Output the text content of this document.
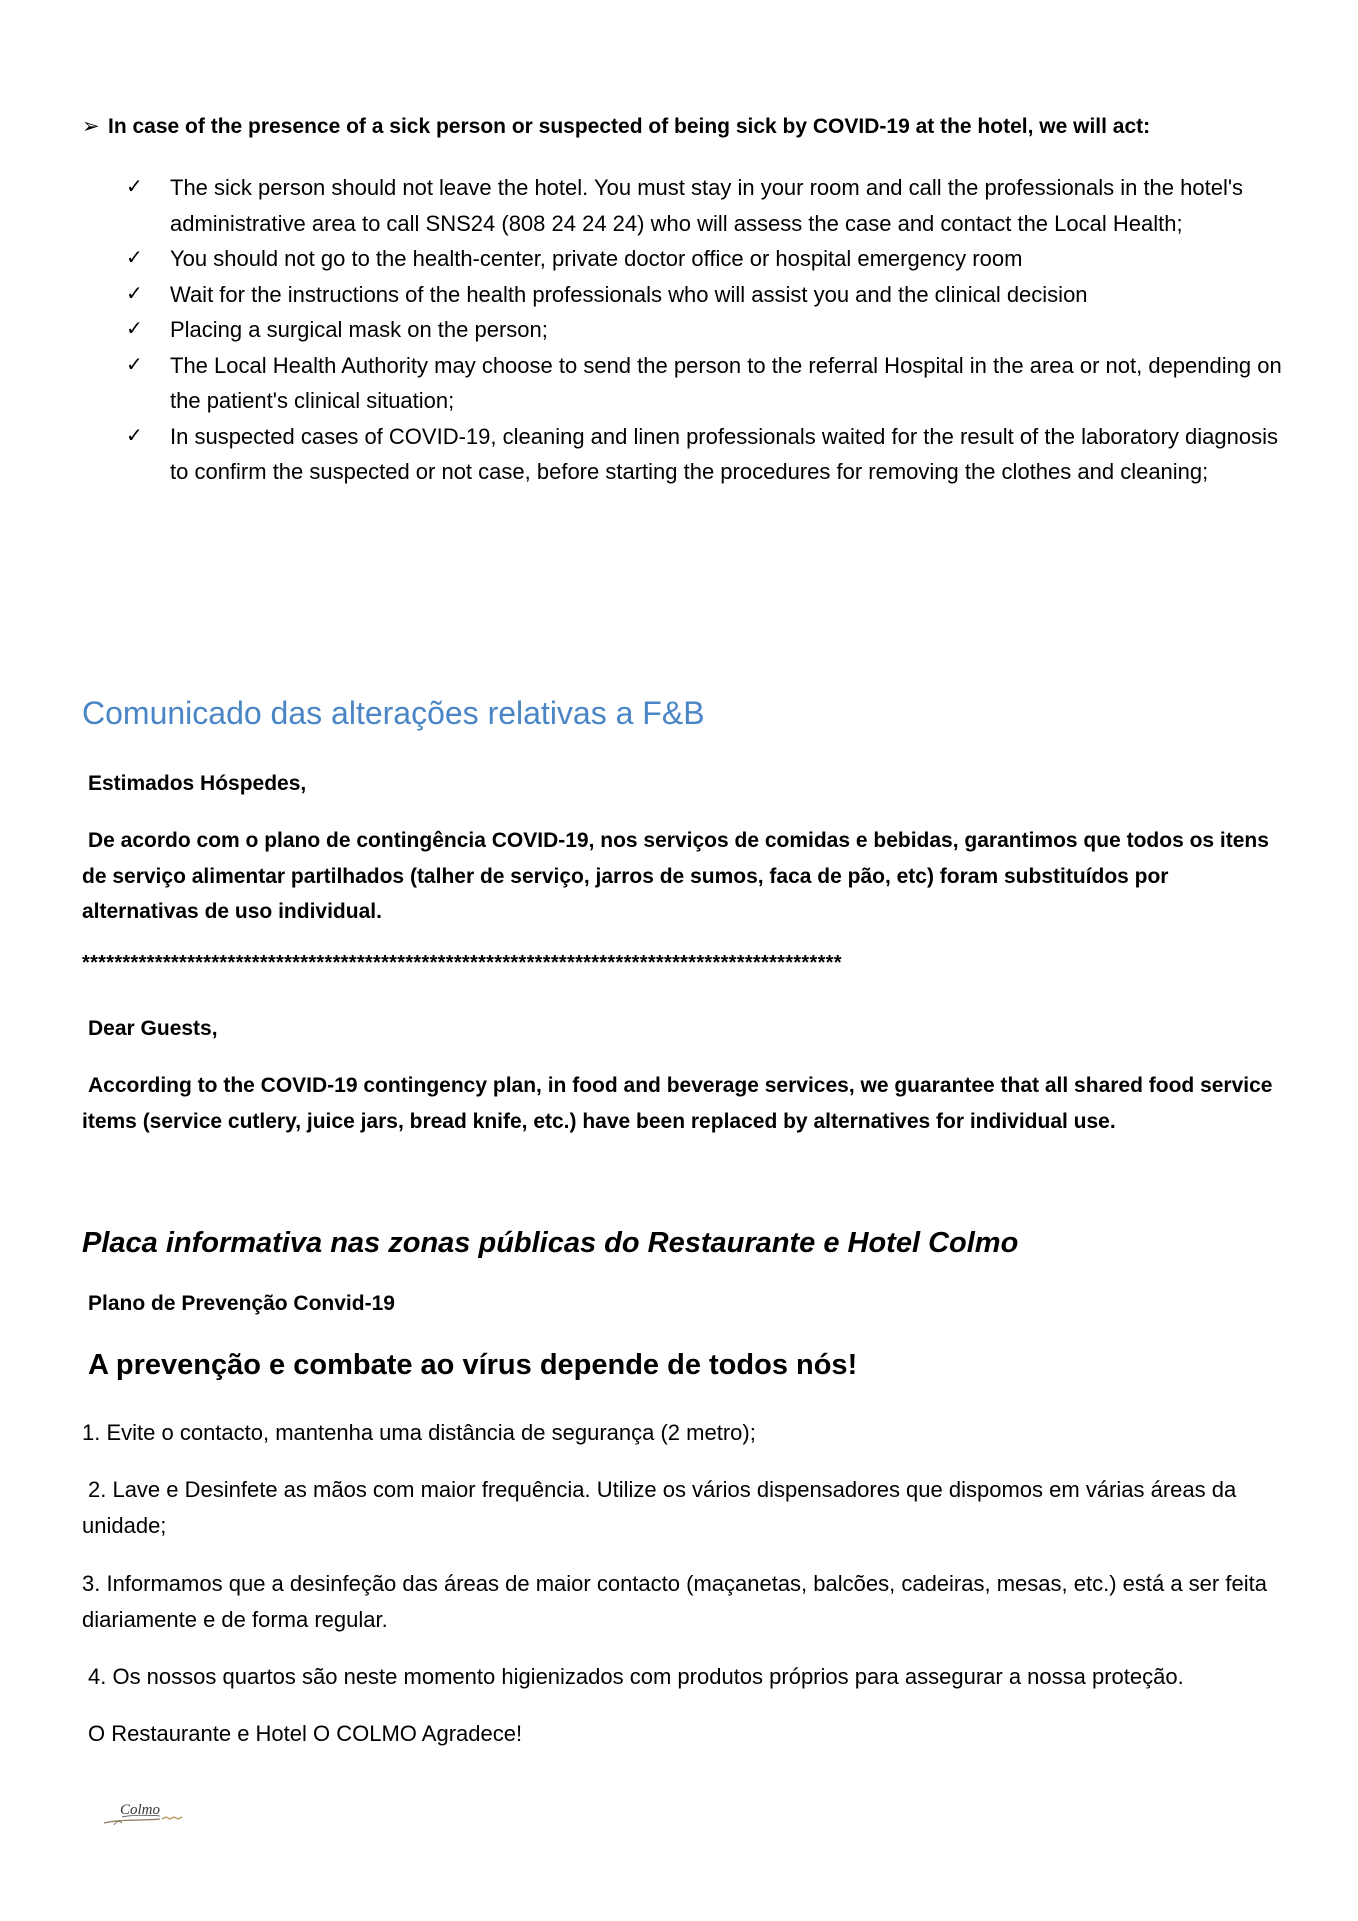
➢ In case of the presence of a sick person or suspected of being sick by COVID-19 at the hotel, we will act:
✓ The sick person should not leave the hotel. You must stay in your room and call the professionals in the hotel's administrative area to call SNS24 (808 24 24 24) who will assess the case and contact the Local Health;
✓ You should not go to the health-center, private doctor office or hospital emergency room
✓ Wait for the instructions of the health professionals who will assist you and the clinical decision
✓ Placing a surgical mask on the person;
✓ The Local Health Authority may choose to send the person to the referral Hospital in the area or not, depending on the patient's clinical situation;
✓ In suspected cases of COVID-19, cleaning and linen professionals waited for the result of the laboratory diagnosis to confirm the suspected or not case, before starting the procedures for removing the clothes and cleaning;
Comunicado das alterações relativas a F&B
Estimados Hóspedes,
De acordo com o plano de contingência COVID-19, nos serviços de comidas e bebidas, garantimos que todos os itens de serviço alimentar partilhados (talher de serviço, jarros de sumos, faca de pão, etc) foram substituídos por alternativas de uso individual.
**********************************************************************************************
Dear Guests,
According to the COVID-19 contingency plan, in food and beverage services, we guarantee that all shared food service items (service cutlery, juice jars, bread knife, etc.) have been replaced by alternatives for individual use.
Placa informativa nas zonas públicas do Restaurante e Hotel Colmo
Plano de Prevenção Convid-19
A prevenção e combate ao vírus depende de todos nós!
1. Evite o contacto, mantenha uma distância de segurança (2 metro);
2. Lave e Desinfete as mãos com maior frequência. Utilize os vários dispensadores que dispomos em várias áreas da unidade;
3. Informamos que a desinfeção das áreas de maior contacto (maçanetas, balcões, cadeiras, mesas, etc.) está a ser feita diariamente e de forma regular.
4. Os nossos quartos são neste momento higienizados com produtos próprios para assegurar a nossa proteção.
O Restaurante e Hotel O COLMO Agradece!
Colmo
